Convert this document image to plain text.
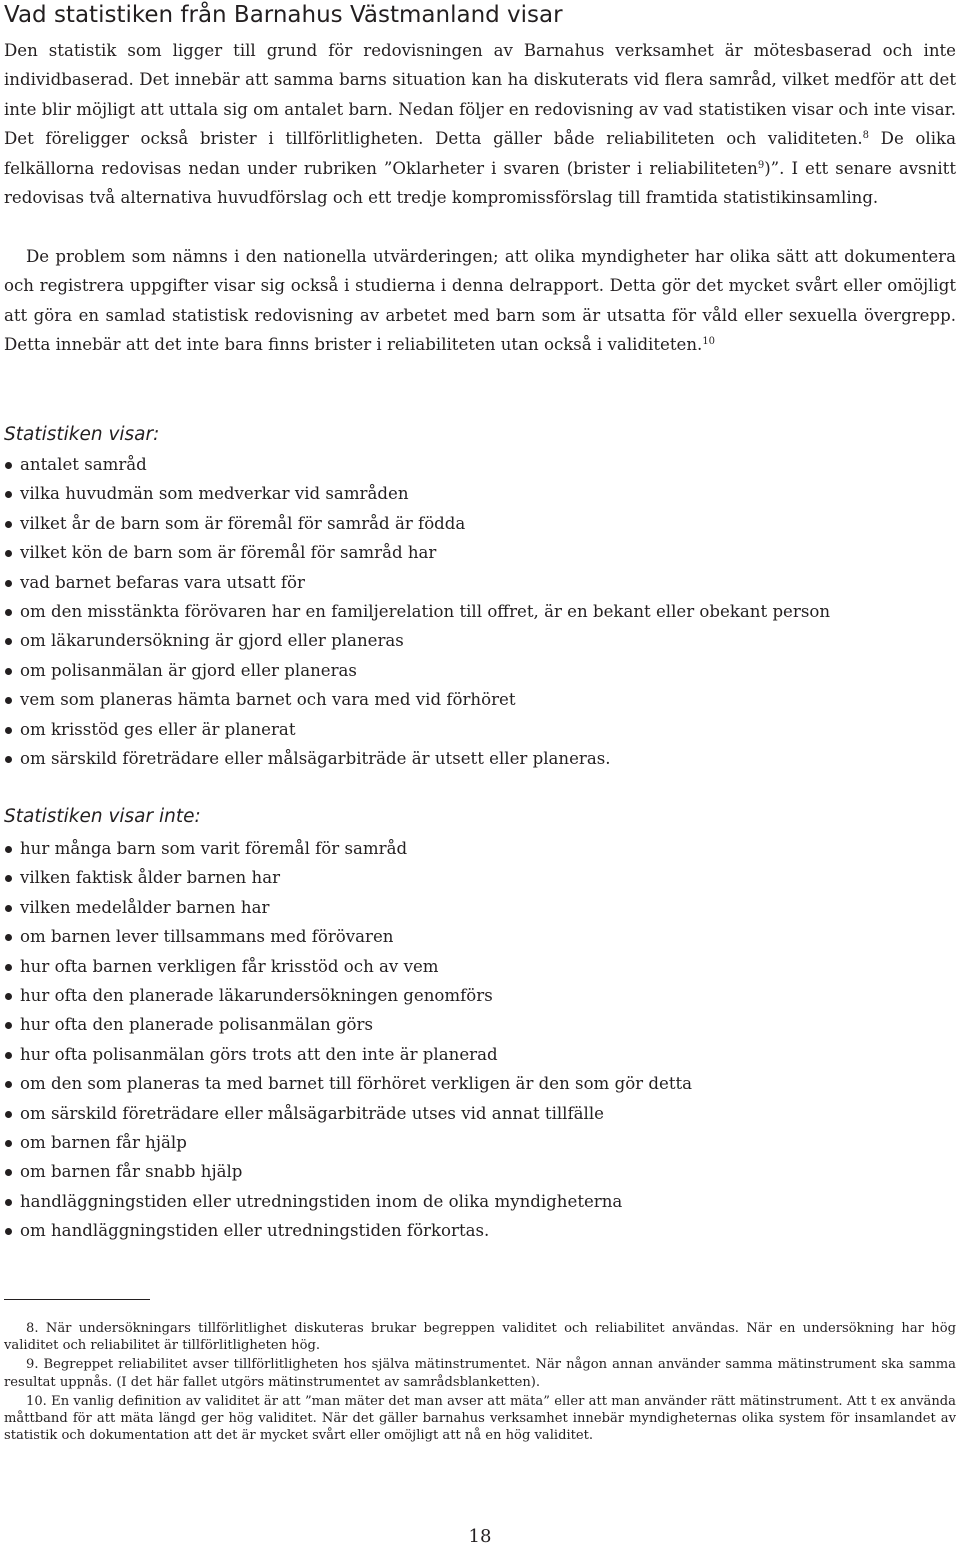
Vad statistiken från Barnahus Västmanland visar
Den statistik som ligger till grund för redovisningen av Barnahus verksamhet är mötesbaserad och inte individbaserad. Det innebär att samma barns situation kan ha diskuterats vid flera samråd, vilket medför att det inte blir möjligt att uttala sig om antalet barn. Nedan följer en redovisning av vad statistiken visar och inte visar. Det föreligger också brister i tillförlitligheten. Detta gäller både reliabiliteten och validiteten.$^8$ De olika felkällorna redovisas nedan under rubriken ”Oklarheter i svaren (brister i reliabiliteten$^9$)”. I ett senare avsnitt redovisas två alternativa huvudförslag och ett tredje kompromissförslag till framtida statistikinsamling.
De problem som nämns i den nationella utvärderingen; att olika myndigheter har olika sätt att dokumentera och registrera uppgifter visar sig också i studierna i denna delrapport. Detta gör det mycket svårt eller omöjligt att göra en samlad statistisk redovisning av arbetet med barn som är utsatta för våld eller sexuella övergrepp. Detta innebär att det inte bara finns brister i reliabiliteten utan också i validiteten.$^{10}$
Statistiken visar:
antalet samråd
vilka huvudmän som medverkar vid samråden
vilket år de barn som är föremål för samråd är födda
vilket kön de barn som är föremål för samråd har
vad barnet befaras vara utsatt för
om den misstänkta förövaren har en familjerelation till offret, är en bekant eller obekant person
om läkarundersökning är gjord eller planeras
om polisanmälan är gjord eller planeras
vem som planeras hämta barnet och vara med vid förhöret
om krisstöd ges eller är planerat
om särskild företrädare eller målsägarbiträde är utsett eller planeras.
Statistiken visar inte:
hur många barn som varit föremål för samråd
vilken faktisk ålder barnen har
vilken medelålder barnen har
om barnen lever tillsammans med förövaren
hur ofta barnen verkligen får krisstöd och av vem
hur ofta den planerade läkarundersökningen genomförs
hur ofta den planerade polisanmälan görs
hur ofta polisanmälan görs trots att den inte är planerad
om den som planeras ta med barnet till förhöret verkligen är den som gör detta
om särskild företrädare eller målsägarbiträde utses vid annat tillfälle
om barnen får hjälp
om barnen får snabb hjälp
handläggningstiden eller utredningstiden inom de olika myndigheterna
om handläggningstiden eller utredningstiden förkortas.

8. När undersökningars tillförlitlighet diskuteras brukar begreppen validitet och reliabilitet användas. När en undersökning har hög validitet och reliabilitet är tillförlitligheten hög.

9. Begreppet reliabilitet avser tillförlitligheten hos själva mätinstrumentet. När någon annan använder samma mätinstrument ska samma resultat uppnås. (I det här fallet utgörs mätinstrumentet av samrådsblanketten).

10. En vanlig definition av validitet är att ”man mäter det man avser att mäta” eller att man använder rätt mätinstrument. Att t ex använda måttband för att mäta längd ger hög validitet. När det gäller barnahus verksamhet innebär myndigheternas olika system för insamlandet av statistik och dokumentation att det är mycket svårt eller omöjligt att nå en hög validitet.

18
